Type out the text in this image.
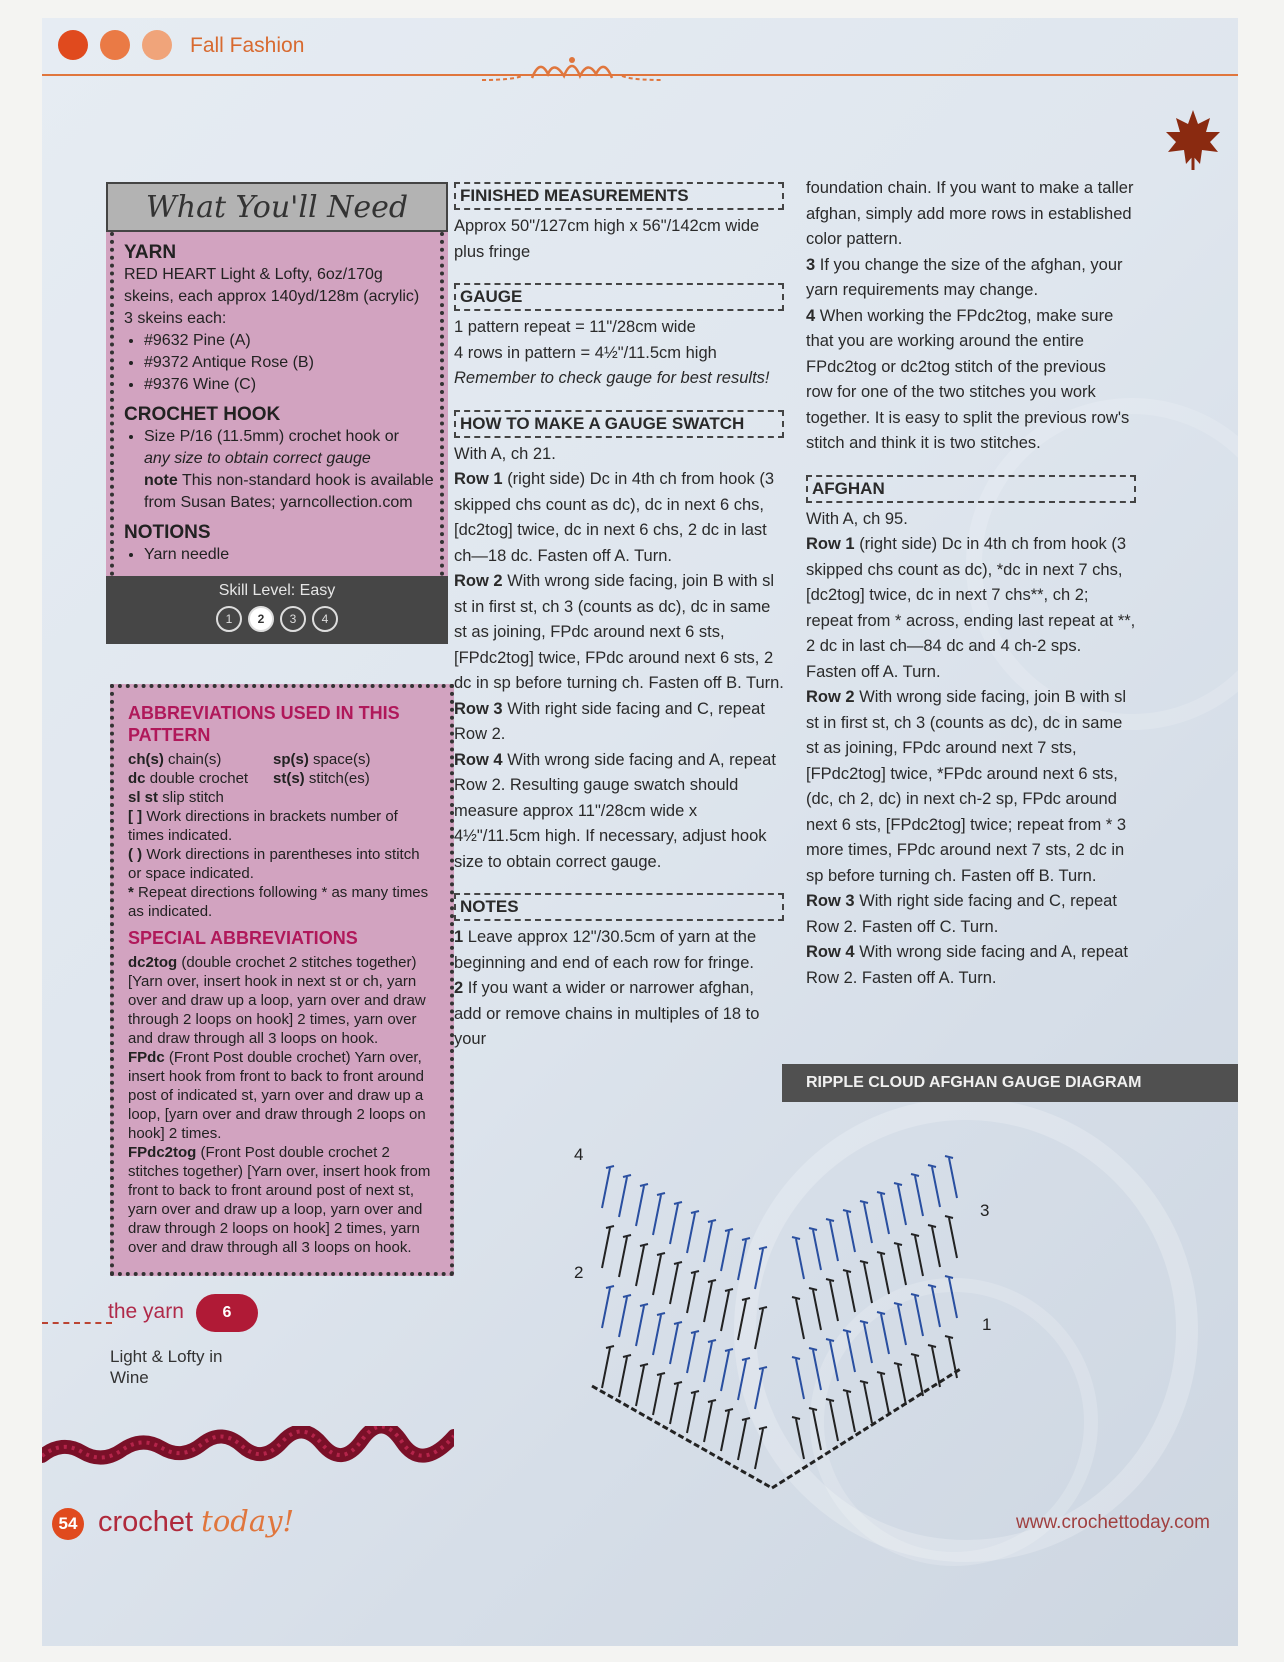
Fall Fashion
What You'll Need
YARN
RED HEART Light & Lofty, 6oz/170g skeins, each approx 140yd/128m (acrylic)
3 skeins each:
• #9632 Pine (A)
• #9372 Antique Rose (B)
• #9376 Wine (C)
CROCHET HOOK
• Size P/16 (11.5mm) crochet hook or
any size to obtain correct gauge
note This non-standard hook is available from Susan Bates; yarncollection.com
NOTIONS
• Yarn needle
Skill Level: Easy
1	2	3	4
ABBREVIATIONS USED IN THIS PATTERN
ch(s) chain(s)	sp(s) space(s)
dc double crochet	st(s) stitch(es)
sl st slip stitch

[ ] Work directions in brackets number of times indicated.

( ) Work directions in parentheses into stitch or space indicated.

* Repeat directions following * as many times as indicated.

SPECIAL ABBREVIATIONS

dc2tog (double crochet 2 stitches together) [Yarn over, insert hook in next st or ch, yarn over and draw up a loop, yarn over and draw through 2 loops on hook] 2 times, yarn over and draw through all 3 loops on hook.

FPdc (Front Post double crochet) Yarn over, insert hook from front to back to front around post of indicated st, yarn over and draw up a loop, [yarn over and draw through 2 loops on hook] 2 times.

FPdc2tog (Front Post double crochet 2 stitches together) [Yarn over, insert hook from front to back to front around post of next st, yarn over and draw up a loop, yarn over and draw through 2 loops on hook] 2 times, yarn over and draw through all 3 loops on hook.

the yarn	6
Light & Lofty in
Wine
FINISHED MEASUREMENTS

Approx 50"/127cm high x 56"/142cm wide plus fringe

GAUGE

1 pattern repeat = 11"/28cm wide

4 rows in pattern = 4½"/11.5cm high

Remember to check gauge for best results!

HOW TO MAKE A GAUGE SWATCH

With A, ch 21.

Row 1 (right side) Dc in 4th ch from hook (3 skipped chs count as dc), dc in next 6 chs, [dc2tog] twice, dc in next 6 chs, 2 dc in last ch—18 dc. Fasten off A. Turn.

Row 2 With wrong side facing, join B with sl st in first st, ch 3 (counts as dc), dc in same st as joining, FPdc around next 6 sts, [FPdc2tog] twice, FPdc around next 6 sts, 2 dc in sp before turning ch. Fasten off B. Turn.

Row 3 With right side facing and C, repeat Row 2.

Row 4 With wrong side facing and A, repeat Row 2. Resulting gauge swatch should measure approx 11"/28cm wide x 4½"/11.5cm high. If necessary, adjust hook size to obtain correct gauge.

NOTES

1 Leave approx 12"/30.5cm of yarn at the beginning and end of each row for fringe.

2 If you want a wider or narrower afghan, add or remove chains in multiples of 18 to your

foundation chain. If you want to make a taller afghan, simply add more rows in established color pattern.

3 If you change the size of the afghan, your yarn requirements may change.

4 When working the FPdc2tog, make sure that you are working around the entire FPdc2tog or dc2tog stitch of the previous row for one of the two stitches you work together. It is easy to split the previous row's stitch and think it is two stitches.

AFGHAN

With A, ch 95.

Row 1 (right side) Dc in 4th ch from hook (3 skipped chs count as dc), *dc in next 7 chs, [dc2tog] twice, dc in next 7 chs**, ch 2; repeat from * across, ending last repeat at **, 2 dc in last ch—84 dc and 4 ch-2 sps. Fasten off A. Turn.

Row 2 With wrong side facing, join B with sl st in first st, ch 3 (counts as dc), dc in same st as joining, FPdc around next 7 sts, [FPdc2tog] twice, *FPdc around next 6 sts, (dc, ch 2, dc) in next ch-2 sp, FPdc around next 6 sts, [FPdc2tog] twice; repeat from * 3 more times, FPdc around next 7 sts, 2 dc in sp before turning ch. Fasten off B. Turn.

Row 3 With right side facing and C, repeat Row 2. Fasten off C. Turn.

Row 4 With wrong side facing and A, repeat Row 2. Fasten off A. Turn.

RIPPLE CLOUD AFGHAN GAUGE DIAGRAM
1
2
3
4
54 crochet today!	www.crochettoday.com
